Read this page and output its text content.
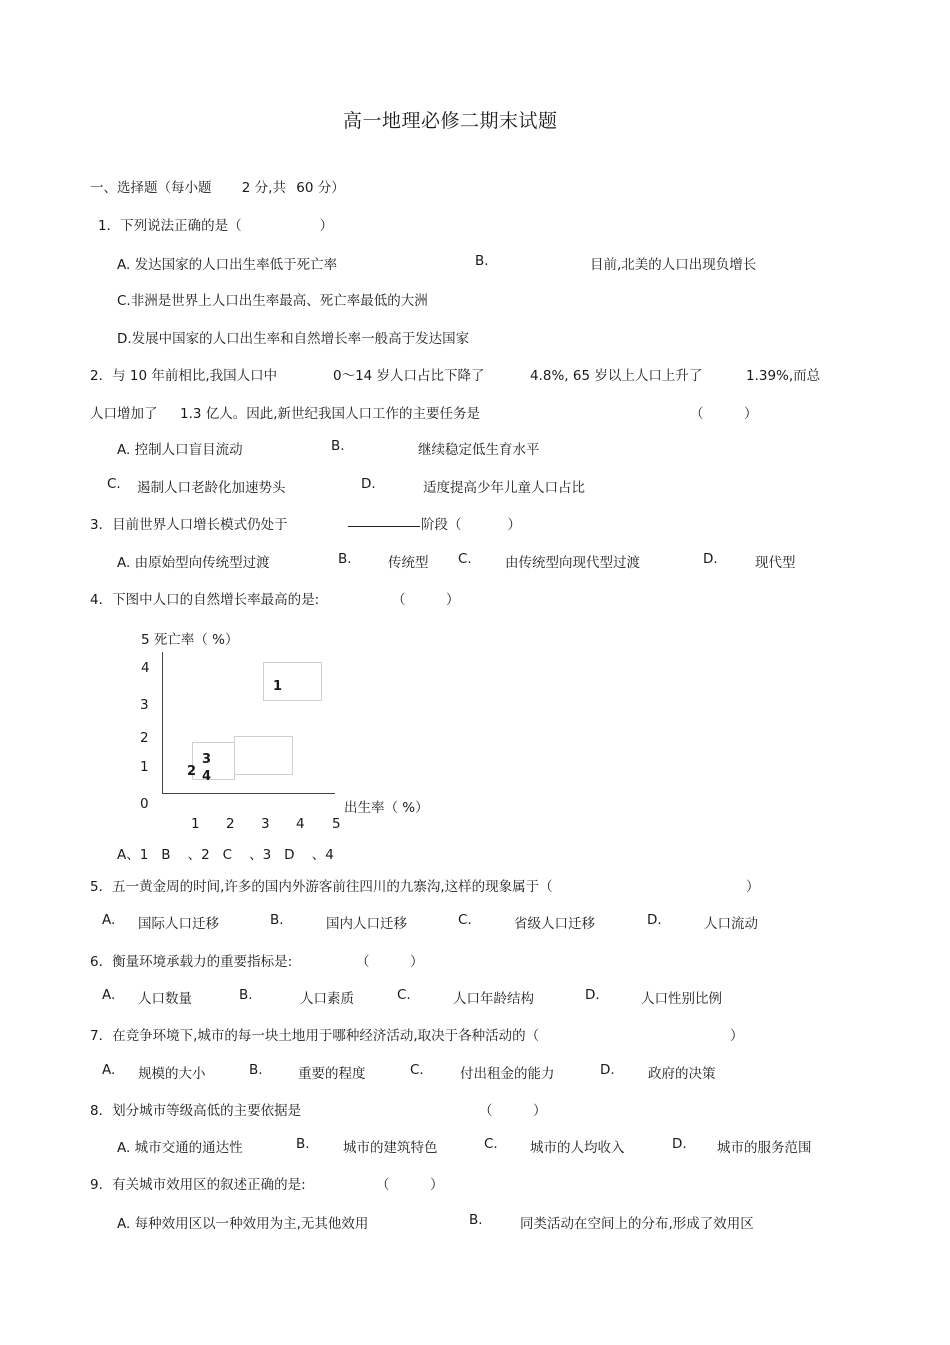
高一地理必修二期末试题
一、选择题（每小题 2 分,共 60 分）
1．下列说法正确的是（	）
A. 发达国家的人口出生率低于死亡率	B.	目前,北美的人口出现负增长
C.非洲是世界上人口出生率最高、死亡率最低的大洲
D.发展中国家的人口出生率和自然增长率一般高于发达国家
2．与 10 年前相比,我国人口中	0～14 岁人口占比下降了	4.8%, 65 岁以上人口上升了	1.39%,而总
人口增加了 1.3 亿人。因此,新世纪我国人口工作的主要任务是	（　　　）
A. 控制人口盲目流动	B.	继续稳定低生育水平
C. 遏制人口老龄化加速势头	D.	适度提高少年儿童人口占比
3．目前世界人口增长模式仍处于	阶段（	）
A. 由原始型向传统型过渡	B.	传统型 C. 由传统型向现代型过渡	D.	现代型
4．下图中人口的自然增长率最高的是:	（　　　）
5 死亡率（ %）
4
3
2
1
0
1
2
3
4
出生率（ %）
1 2 3 4 5
A、1   B    、2   C    、3   D    、4
5．五一黄金周的时间,许多的国内外游客前往四川的九寨沟,这样的现象属于（	）
A. 国际人口迁移	B.	国内人口迁移	C.	省级人口迁移	D.	人口流动
6．衡量环境承载力的重要指标是:	（　　　）
A. 人口数量	B.	人口素质	C.	人口年龄结构	D.	人口性别比例
7．在竞争环境下,城市的每一块土地用于哪种经济活动,取决于各种活动的（	）
A. 规模的大小	B.	重要的程度	C.	付出租金的能力	D. 政府的决策
8．划分城市等级高低的主要依据是	（　　　）
A. 城市交通的通达性	B. 城市的建筑特色	C. 城市的人均收入	D. 城市的服务范围
9．有关城市效用区的叙述正确的是:	（　　　）
A. 每种效用区以一种效用为主,无其他效用	B.	同类活动在空间上的分布,形成了效用区
